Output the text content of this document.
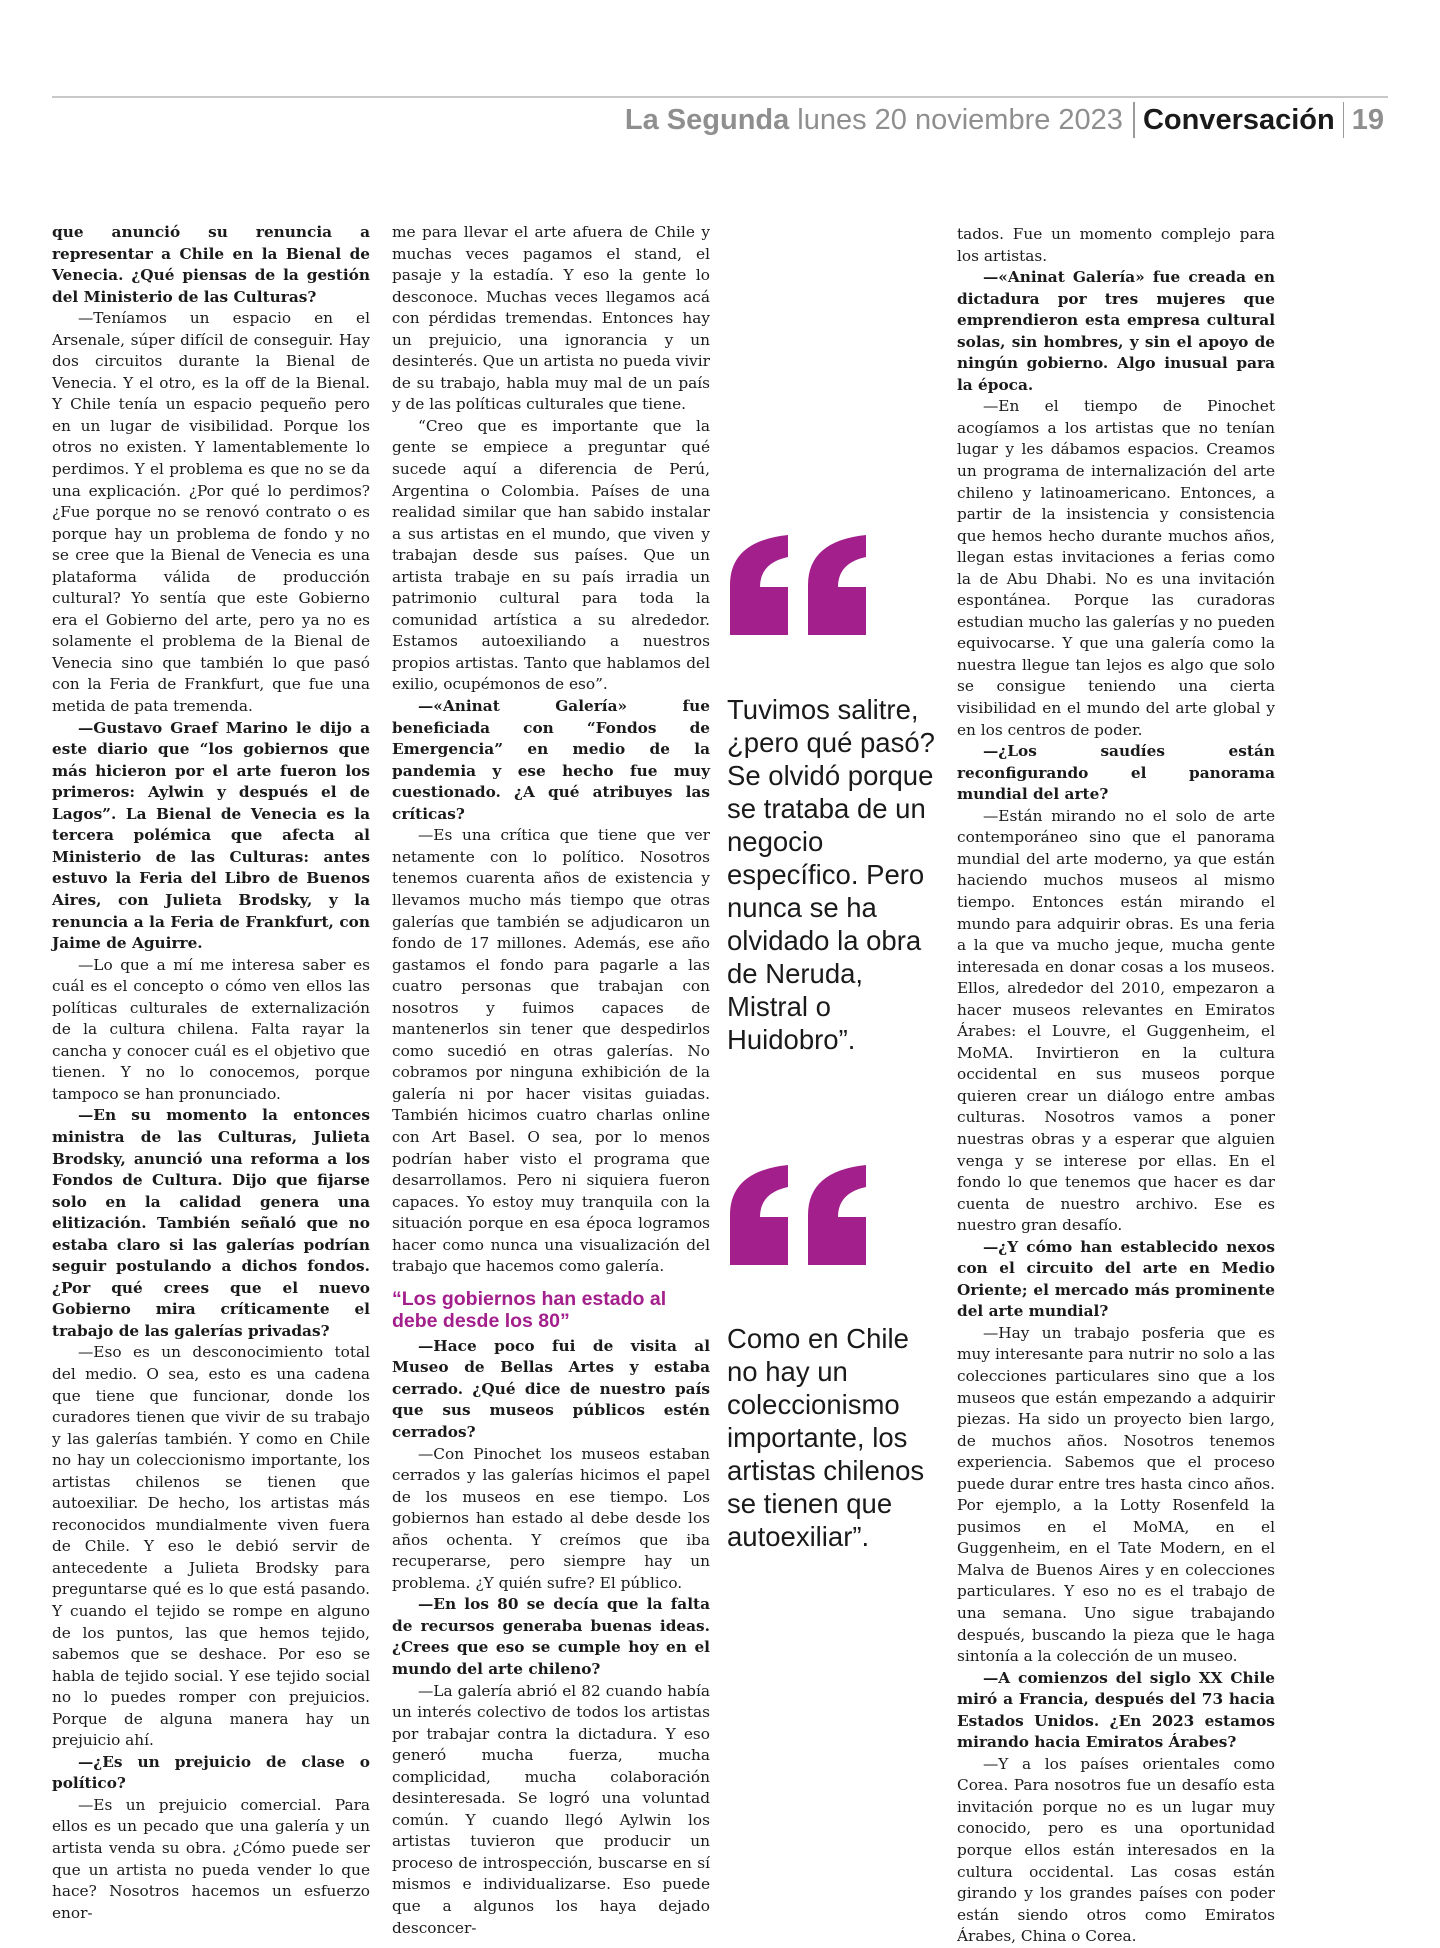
La Segunda lunes 20 noviembre 2023 Conversación 19

que anunció su renuncia a representar a Chile en la Bienal de Venecia. ¿Qué piensas de la gestión del Ministerio de las Culturas?

—Teníamos un espacio en el Arsenale, súper difícil de conseguir. Hay dos circuitos durante la Bienal de Venecia. Y el otro, es la off de la Bienal. Y Chile tenía un espacio pequeño pero en un lugar de visibilidad. Porque los otros no existen. Y lamentablemente lo perdimos. Y el problema es que no se da una explicación. ¿Por qué lo perdimos? ¿Fue porque no se renovó contrato o es porque hay un problema de fondo y no se cree que la Bienal de Venecia es una plataforma válida de producción cultural? Yo sentía que este Gobierno era el Gobierno del arte, pero ya no es solamente el problema de la Bienal de Venecia sino que también lo que pasó con la Feria de Frankfurt, que fue una metida de pata tremenda.

—Gustavo Graef Marino le dijo a este diario que “los gobiernos que más hicieron por el arte fueron los primeros: Aylwin y después el de Lagos”. La Bienal de Venecia es la tercera polémica que afecta al Ministerio de las Culturas: antes estuvo la Feria del Libro de Buenos Aires, con Julieta Brodsky, y la renuncia a la Feria de Frankfurt, con Jaime de Aguirre.

—Lo que a mí me interesa saber es cuál es el concepto o cómo ven ellos las políticas culturales de externalización de la cultura chilena. Falta rayar la cancha y conocer cuál es el objetivo que tienen. Y no lo conocemos, porque tampoco se han pronunciado.

—En su momento la entonces ministra de las Culturas, Julieta Brodsky, anunció una reforma a los Fondos de Cultura. Dijo que fijarse solo en la calidad genera una elitización. También señaló que no estaba claro si las galerías podrían seguir postulando a dichos fondos. ¿Por qué crees que el nuevo Gobierno mira críticamente el trabajo de las galerías privadas?

—Eso es un desconocimiento total del medio. O sea, esto es una cadena que tiene que funcionar, donde los curadores tienen que vivir de su trabajo y las galerías también. Y como en Chile no hay un coleccionismo importante, los artistas chilenos se tienen que autoexiliar. De hecho, los artistas más reconocidos mundialmente viven fuera de Chile. Y eso le debió servir de antecedente a Julieta Brodsky para preguntarse qué es lo que está pasando. Y cuando el tejido se rompe en alguno de los puntos, las que hemos tejido, sabemos que se deshace. Por eso se habla de tejido social. Y ese tejido social no lo puedes romper con prejuicios. Porque de alguna manera hay un prejuicio ahí.

—¿Es un prejuicio de clase o político?

—Es un prejuicio comercial. Para ellos es un pecado que una galería y un artista venda su obra. ¿Cómo puede ser que un artista no pueda vender lo que hace? Nosotros hacemos un esfuerzo enor-

me para llevar el arte afuera de Chile y muchas veces pagamos el stand, el pasaje y la estadía. Y eso la gente lo desconoce. Muchas veces llegamos acá con pérdidas tremendas. Entonces hay un prejuicio, una ignorancia y un desinterés. Que un artista no pueda vivir de su trabajo, habla muy mal de un país y de las políticas culturales que tiene.

“Creo que es importante que la gente se empiece a preguntar qué sucede aquí a diferencia de Perú, Argentina o Colombia. Países de una realidad similar que han sabido instalar a sus artistas en el mundo, que viven y trabajan desde sus países. Que un artista trabaje en su país irradia un patrimonio cultural para toda la comunidad artística a su alrededor. Estamos autoexiliando a nuestros propios artistas. Tanto que hablamos del exilio, ocupémonos de eso”.

—«Aninat Galería» fue beneficiada con “Fondos de Emergencia” en medio de la pandemia y ese hecho fue muy cuestionado. ¿A qué atribuyes las críticas?

—Es una crítica que tiene que ver netamente con lo político. Nosotros tenemos cuarenta años de existencia y llevamos mucho más tiempo que otras galerías que también se adjudicaron un fondo de 17 millones. Además, ese año gastamos el fondo para pagarle a las cuatro personas que trabajan con nosotros y fuimos capaces de mantenerlos sin tener que despedirlos como sucedió en otras galerías. No cobramos por ninguna exhibición de la galería ni por hacer visitas guiadas. También hicimos cuatro charlas online con Art Basel. O sea, por lo menos podrían haber visto el programa que desarrollamos. Pero ni siquiera fueron capaces. Yo estoy muy tranquila con la situación porque en esa época logramos hacer como nunca una visualización del trabajo que hacemos como galería.

“Los gobiernos han estado al debe desde los 80”

—Hace poco fui de visita al Museo de Bellas Artes y estaba cerrado. ¿Qué dice de nuestro país que sus museos públicos estén cerrados?

—Con Pinochet los museos estaban cerrados y las galerías hicimos el papel de los museos en ese tiempo. Los gobiernos han estado al debe desde los años ochenta. Y creímos que iba recuperarse, pero siempre hay un problema. ¿Y quién sufre? El público.

—En los 80 se decía que la falta de recursos generaba buenas ideas. ¿Crees que eso se cumple hoy en el mundo del arte chileno?

—La galería abrió el 82 cuando había un interés colectivo de todos los artistas por trabajar contra la dictadura. Y eso generó mucha fuerza, mucha complicidad, mucha colaboración desinteresada. Se logró una voluntad común. Y cuando llegó Aylwin los artistas tuvieron que producir un proceso de introspección, buscarse en sí mismos e individualizarse. Eso puede que a algunos los haya dejado desconcer-

Tuvimos salitre, ¿pero qué pasó? Se olvidó porque se trataba de un negocio específico. Pero nunca se ha olvidado la obra de Neruda, Mistral o Huidobro”.
Como en Chile no hay un coleccionismo importante, los artistas chilenos se tienen que autoexiliar”.

tados. Fue un momento complejo para los artistas.

—«Aninat Galería» fue creada en dictadura por tres mujeres que emprendieron esta empresa cultural solas, sin hombres, y sin el apoyo de ningún gobierno. Algo inusual para la época.

—En el tiempo de Pinochet acogíamos a los artistas que no tenían lugar y les dábamos espacios. Creamos un programa de internalización del arte chileno y latinoamericano. Entonces, a partir de la insistencia y consistencia que hemos hecho durante muchos años, llegan estas invitaciones a ferias como la de Abu Dhabi. No es una invitación espontánea. Porque las curadoras estudian mucho las galerías y no pueden equivocarse. Y que una galería como la nuestra llegue tan lejos es algo que solo se consigue teniendo una cierta visibilidad en el mundo del arte global y en los centros de poder.

—¿Los saudíes están reconfigurando el panorama mundial del arte?

—Están mirando no el solo de arte contemporáneo sino que el panorama mundial del arte moderno, ya que están haciendo muchos museos al mismo tiempo. Entonces están mirando el mundo para adquirir obras. Es una feria a la que va mucho jeque, mucha gente interesada en donar cosas a los museos. Ellos, alrededor del 2010, empezaron a hacer museos relevantes en Emiratos Árabes: el Louvre, el Guggenheim, el MoMA. Invirtieron en la cultura occidental en sus museos porque quieren crear un diálogo entre ambas culturas. Nosotros vamos a poner nuestras obras y a esperar que alguien venga y se interese por ellas. En el fondo lo que tenemos que hacer es dar cuenta de nuestro archivo. Ese es nuestro gran desafío.

—¿Y cómo han establecido nexos con el circuito del arte en Medio Oriente; el mercado más prominente del arte mundial?

—Hay un trabajo posferia que es muy interesante para nutrir no solo a las colecciones particulares sino que a los museos que están empezando a adquirir piezas. Ha sido un proyecto bien largo, de muchos años. Nosotros tenemos experiencia. Sabemos que el proceso puede durar entre tres hasta cinco años. Por ejemplo, a la Lotty Rosenfeld la pusimos en el MoMA, en el Guggenheim, en el Tate Modern, en el Malva de Buenos Aires y en colecciones particulares. Y eso no es el trabajo de una semana. Uno sigue trabajando después, buscando la pieza que le haga sintonía a la colección de un museo.

—A comienzos del siglo XX Chile miró a Francia, después del 73 hacia Estados Unidos. ¿En 2023 estamos mirando hacia Emiratos Árabes?

—Y a los países orientales como Corea. Para nosotros fue un desafío esta invitación porque no es un lugar muy conocido, pero es una oportunidad porque ellos están interesados en la cultura occidental. Las cosas están girando y los grandes países con poder están siendo otros como Emiratos Árabes, China o Corea.
